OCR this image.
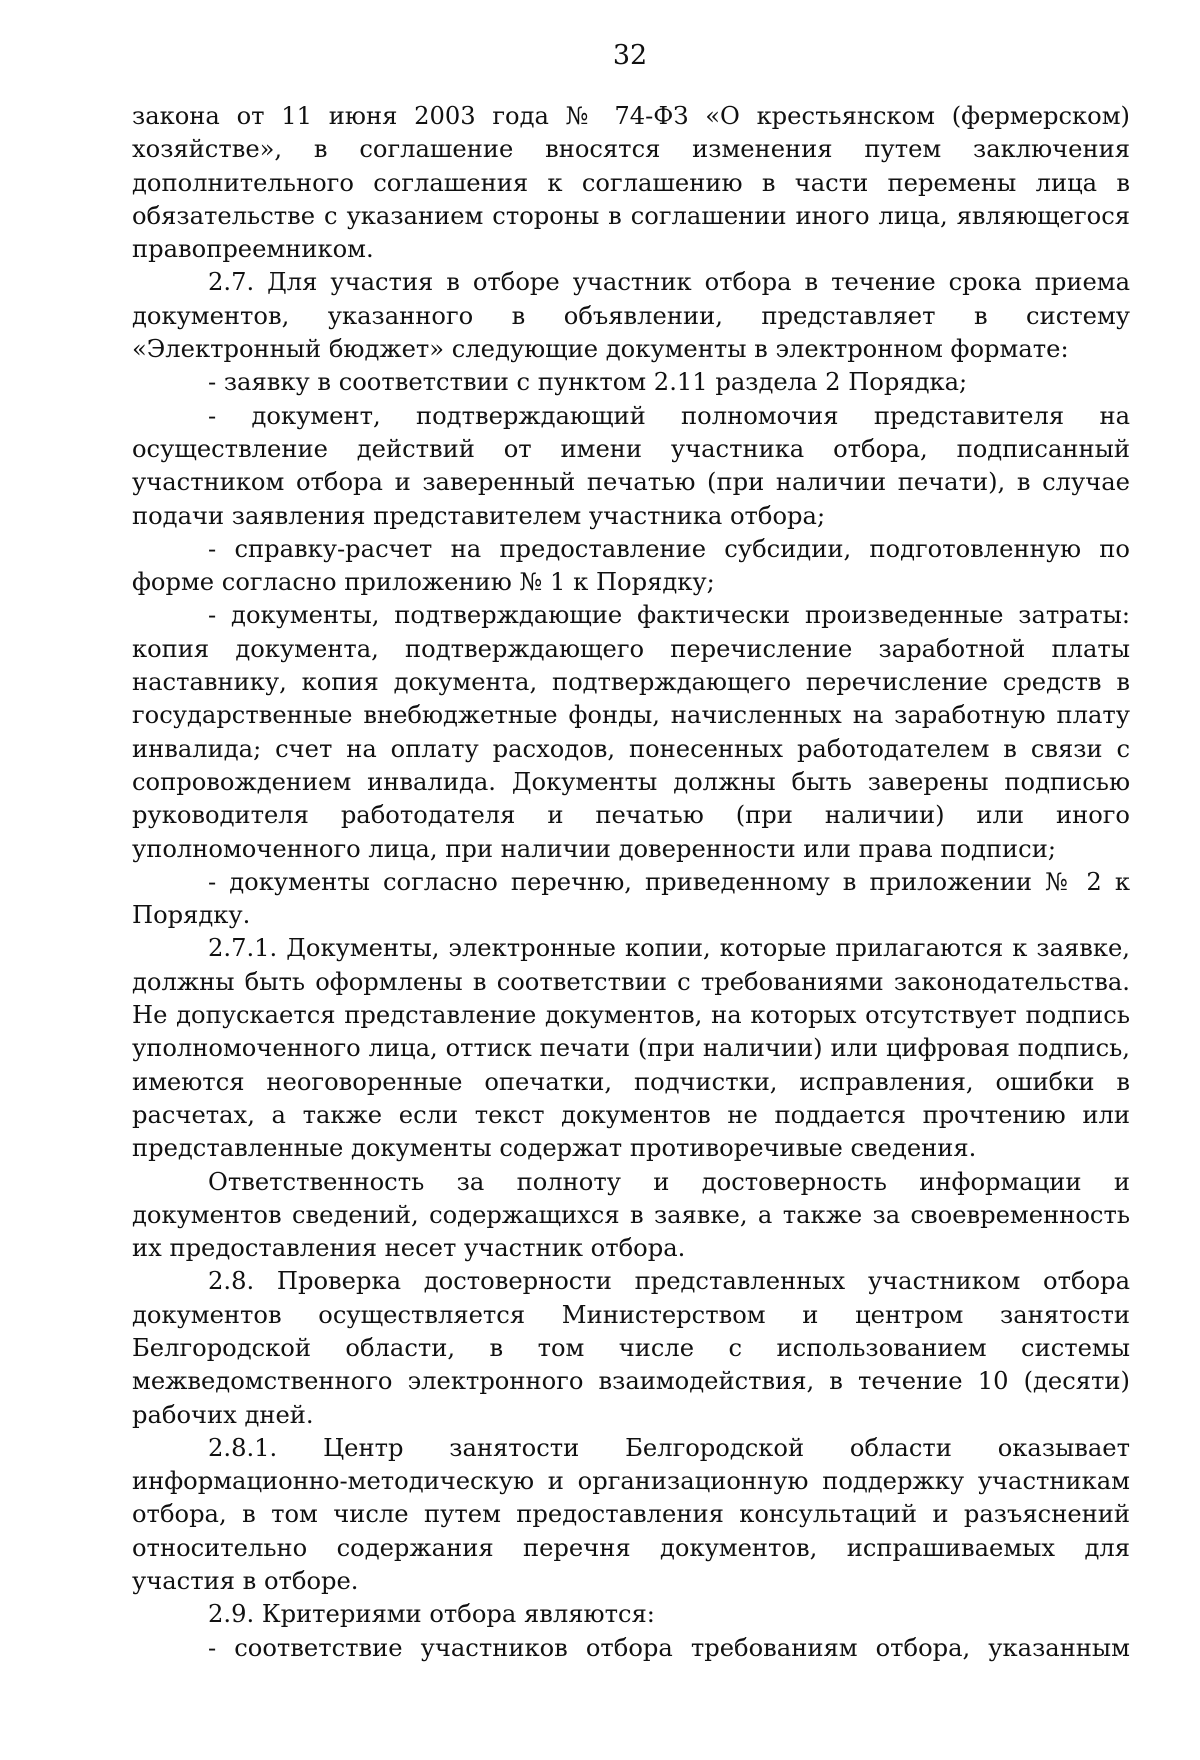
32

закона от 11 июня 2003 года № 74-ФЗ «О крестьянском (фермерском) хозяйстве», в соглашение вносятся изменения путем заключения дополнительного соглашения к соглашению в части перемены лица в обязательстве с указанием стороны в соглашении иного лица, являющегося правопреемником.

2.7. Для участия в отборе участник отбора в течение срока приема документов, указанного в объявлении, представляет в систему «Электронный бюджет» следующие документы в электронном формате:

- заявку в соответствии с пунктом 2.11 раздела 2 Порядка;

- документ, подтверждающий полномочия представителя на осуществление действий от имени участника отбора, подписанный участником отбора и заверенный печатью (при наличии печати), в случае подачи заявления представителем участника отбора;

- справку-расчет на предоставление субсидии, подготовленную по форме согласно приложению № 1 к Порядку;

- документы, подтверждающие фактически произведенные затраты: копия документа, подтверждающего перечисление заработной платы наставнику, копия документа, подтверждающего перечисление средств в государственные внебюджетные фонды, начисленных на заработную плату инвалида; счет на оплату расходов, понесенных работодателем в связи с сопровождением инвалида. Документы должны быть заверены подписью руководителя работодателя и печатью (при наличии) или иного уполномоченного лица, при наличии доверенности или права подписи;

- документы согласно перечню, приведенному в приложении № 2 к Порядку.

2.7.1. Документы, электронные копии, которые прилагаются к заявке, должны быть оформлены в соответствии с требованиями законодательства. Не допускается представление документов, на которых отсутствует подпись уполномоченного лица, оттиск печати (при наличии) или цифровая подпись, имеются неоговоренные опечатки, подчистки, исправления, ошибки в расчетах, а также если текст документов не поддается прочтению или представленные документы содержат противоречивые сведения.

Ответственность за полноту и достоверность информации и документов сведений, содержащихся в заявке, а также за своевременность их предоставления несет участник отбора.

2.8. Проверка достоверности представленных участником отбора документов осуществляется Министерством и центром занятости Белгородской области, в том числе с использованием системы межведомственного электронного взаимодействия, в течение 10 (десяти) рабочих дней.

2.8.1. Центр занятости Белгородской области оказывает информационно-методическую и организационную поддержку участникам отбора, в том числе путем предоставления консультаций и разъяснений относительно содержания перечня документов, испрашиваемых для участия в отборе.

2.9. Критериями отбора являются:

- соответствие участников отбора требованиям отбора, указанным
